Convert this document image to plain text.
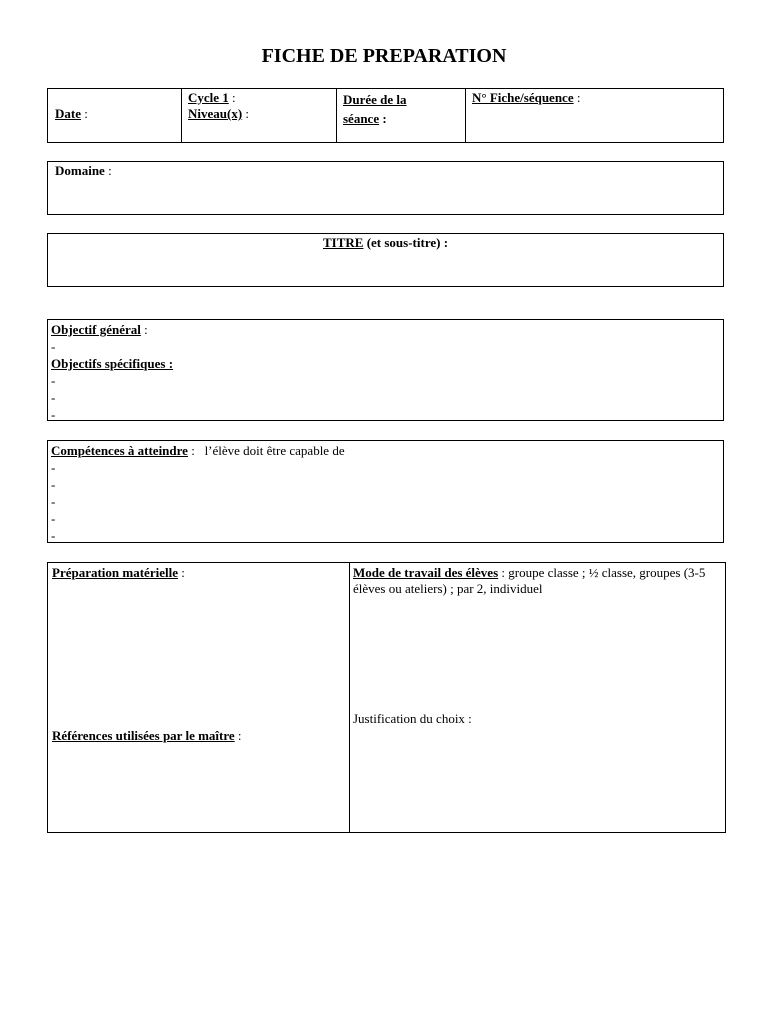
FICHE DE PREPARATION
Date :
Cycle 1 :
Niveau(x) :
Durée de la
séance :
N° Fiche/séquence :
Domaine :
TITRE (et sous-titre) :
Objectif général :
-
Objectifs spécifiques :
-
-
-
Compétences à atteindre :   l’élève doit être capable de
-
-
-
-
-
Préparation matérielle :
Références utilisées par le maître :
Mode de travail des élèves : groupe classe ; ½ classe, groupes (3-5 élèves ou ateliers) ; par 2, individuel
Justification du choix :
